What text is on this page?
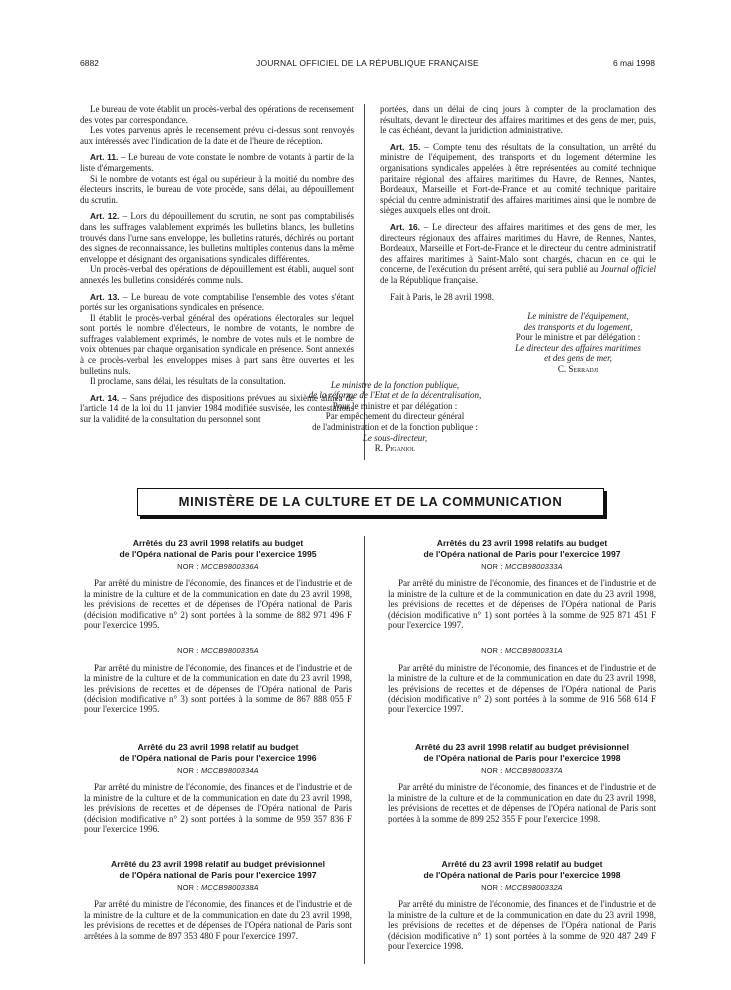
6882	JOURNAL OFFICIEL DE LA RÉPUBLIQUE FRANÇAISE	6 mai 1998

Le bureau de vote établit un procès-verbal des opérations de recensement des votes par correspondance.

Les votes parvenus après le recensement prévu ci-dessus sont renvoyés aux intéressés avec l'indication de la date et de l'heure de réception.

Art. 11. – Le bureau de vote constate le nombre de votants à partir de la liste d'émargements.

Si le nombre de votants est égal ou supérieur à la moitié du nombre des électeurs inscrits, le bureau de vote procède, sans délai, au dépouillement du scrutin.

Art. 12. – Lors du dépouillement du scrutin, ne sont pas comptabilisés dans les suffrages valablement exprimés les bulletins blancs, les bulletins trouvés dans l'urne sans enveloppe, les bulletins raturés, déchirés ou portant des signes de reconnaissance, les bulletins multiples contenus dans la même enveloppe et désignant des organisations syndicales différentes.

Un procès-verbal des opérations de dépouillement est établi, auquel sont annexés les bulletins considérés comme nuls.

Art. 13. – Le bureau de vote comptabilise l'ensemble des votes s'étant portés sur les organisations syndicales en présence.

Il établit le procès-verbal général des opérations électorales sur lequel sont portés le nombre d'électeurs, le nombre de votants, le nombre de suffrages valablement exprimés, le nombre de votes nuls et le nombre de voix obtenues par chaque organisation syndicale en présence. Sont annexés à ce procès-verbal les enveloppes mises à part sans être ouvertes et les bulletins nuls.

Il proclame, sans délai, les résultats de la consultation.

Art. 14. – Sans préjudice des dispositions prévues au sixième alinéa de l'article 14 de la loi du 11 janvier 1984 modifiée susvisée, les contestations sur la validité de la consultation du personnel sont

portées, dans un délai de cinq jours à compter de la proclamation des résultats, devant le directeur des affaires maritimes et des gens de mer, puis, le cas échéant, devant la juridiction administrative.

Art. 15. – Compte tenu des résultats de la consultation, un arrêté du ministre de l'équipement, des transports et du logement détermine les organisations syndicales appelées à être représentées au comité technique paritaire régional des affaires maritimes du Havre, de Rennes, Nantes, Bordeaux, Marseille et Fort-de-France et au comité technique paritaire spécial du centre administratif des affaires maritimes ainsi que le nombre de sièges auxquels elles ont droit.

Art. 16. – Le directeur des affaires maritimes et des gens de mer, les directeurs régionaux des affaires maritimes du Havre, de Rennes, Nantes, Bordeaux, Marseille et Fort-de-France et le directeur du centre administratif des affaires maritimes à Saint-Malo sont chargés, chacun en ce qui le concerne, de l'exécution du présent arrêté, qui sera publié au Journal officiel de la République française.

Fait à Paris, le 28 avril 1998.

Le ministre de l'équipement,
des transports et du logement,
Pour le ministre et par délégation :
Le directeur des affaires maritimes
et des gens de mer,
C. Serradji
Le ministre de la fonction publique,
de la réforme de l'Etat et de la décentralisation,
Pour le ministre et par délégation :
Par empêchement du directeur général
de l'administration et de la fonction publique :
Le sous-directeur,
R. Piganiol
MINISTÈRE DE LA CULTURE ET DE LA COMMUNICATION
Arrêtés du 23 avril 1998 relatifs au budget
de l'Opéra national de Paris pour l'exercice 1995
NOR : MCCB9800336A

Par arrêté du ministre de l'économie, des finances et de l'industrie et de la ministre de la culture et de la communication en date du 23 avril 1998, les prévisions de recettes et de dépenses de l'Opéra national de Paris (décision modificative n° 2) sont portées à la somme de 882 971 496 F pour l'exercice 1995.

NOR : MCCB9800335A

Par arrêté du ministre de l'économie, des finances et de l'industrie et de la ministre de la culture et de la communication en date du 23 avril 1998, les prévisions de recettes et de dépenses de l'Opéra national de Paris (décision modificative n° 3) sont portées à la somme de 867 888 055 F pour l'exercice 1995.

Arrêté du 23 avril 1998 relatif au budget
de l'Opéra national de Paris pour l'exercice 1996
NOR : MCCB9800334A

Par arrêté du ministre de l'économie, des finances et de l'industrie et de la ministre de la culture et de la communication en date du 23 avril 1998, les prévisions de recettes et de dépenses de l'Opéra national de Paris (décision modificative n° 2) sont portées à la somme de 959 357 836 F pour l'exercice 1996.

Arrêté du 23 avril 1998 relatif au budget prévisionnel
de l'Opéra national de Paris pour l'exercice 1997
NOR : MCCB9800338A

Par arrêté du ministre de l'économie, des finances et de l'industrie et de la ministre de la culture et de la communication en date du 23 avril 1998, les prévisions de recettes et de dépenses de l'Opéra national de Paris sont arrêtées à la somme de 897 353 480 F pour l'exercice 1997.

Arrêtés du 23 avril 1998 relatifs au budget
de l'Opéra national de Paris pour l'exercice 1997
NOR : MCCB9800333A

Par arrêté du ministre de l'économie, des finances et de l'industrie et de la ministre de la culture et de la communication en date du 23 avril 1998, les prévisions de recettes et de dépenses de l'Opéra national de Paris (décision modificative n° 1) sont portées à la somme de 925 871 451 F pour l'exercice 1997.

NOR : MCCB9800331A

Par arrêté du ministre de l'économie, des finances et de l'industrie et de la ministre de la culture et de la communication en date du 23 avril 1998, les prévisions de recettes et de dépenses de l'Opéra national de Paris (décision modificative n° 2) sont portées à la somme de 916 568 614 F pour l'exercice 1997.

Arrêté du 23 avril 1998 relatif au budget prévisionnel
de l'Opéra national de Paris pour l'exercice 1998
NOR : MCCB9800337A

Par arrêté du ministre de l'économie, des finances et de l'industrie et de la ministre de la culture et de la communication en date du 23 avril 1998, les prévisions de recettes et de dépenses de l'Opéra national de Paris sont portées à la somme de 899 252 355 F pour l'exercice 1998.

Arrêté du 23 avril 1998 relatif au budget
de l'Opéra national de Paris pour l'exercice 1998
NOR : MCCB9800332A

Par arrêté du ministre de l'économie, des finances et de l'industrie et de la ministre de la culture et de la communication en date du 23 avril 1998, les prévisions de recettes et de dépenses de l'Opéra national de Paris (décision modificative n° 1) sont portées à la somme de 920 487 249 F pour l'exercice 1998.
